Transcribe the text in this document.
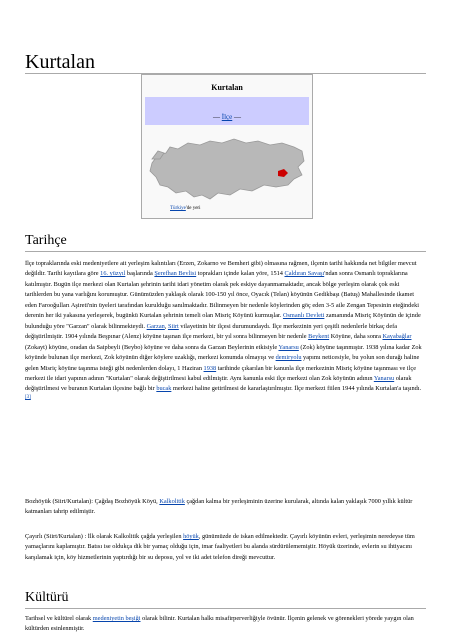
Kurtalan
Kurtalan
— İlçe —
Türkiye'de yeri
Tarihçe

İlçe topraklarında eski medeniyetlere ait yerleşim kalıntıları (Erzen, Zokarno ve Bemheri gibi) olmasına rağmen, ilçenin tarihi hakkında net bilgiler mevcut değildir. Tarihi kayıtlara göre 16. yüzyıl başlarında Şerefhan Bevlisi toprakları içinde kalan yöre, 1514 Çaldıran Savaşı'ndan sonra Osmanlı topraklarına katılmıştır. Bugün ilçe merkezi olan Kurtalan şehrinin tarihi idari yönetim olarak pek eskiye dayanmamaktadır, ancak bölge yerleşim olarak çok eski tarihlerden bu yana varlığını korumuştur. Günümüzden yaklaşık olarak 100-150 yıl önce, Oyacık (Telan) köyünün Gedikbaşı (Batuş) Mahallesinde ikamet eden Farooğulları Aşireti'nin üyeleri tarafından kurulduğu sanılmaktadır. Bilinmeyen bir nedenle köylerinden göç eden 3-5 aile Zengan Tepesinin eteğindeki derenin her iki yakasına yerleşerek, bugünkü Kurtalan şehrinin temeli olan Misriç Köyünü kurmuşlar. Osmanlı Devleti zamanında Misriç Köyünün de içinde bulunduğu yöre "Garzan" olarak bilinmekteydi. Garzan, Siirt vilayetinin bir ilçesi durumundaydı. İlçe merkezinin yeri çeşitli nedenlerle birkaç defa değiştirilmiştir. 1904 yılında Beşpınar (Alenz) köyüne taşınan ilçe merkezi, bir yıl sonra bilinmeyen bir nedenle Beykent Köyüne, daha sonra Kayabağlar (Zokayt) köyüne, oradan da Saipbeyli (Beybo) köyüne ve daha sonra da Garzan Beylerinin etkisiyle Yanarsu (Zok) köyüne taşınmıştır. 1938 yılına kadar Zok köyünde bulunan ilçe merkezi, Zok köyünün diğer köylere uzaklığı, merkezi konumda olmayışı ve demiryolu yapımı neticesiyle, bu yolun son durağı haline gelen Misriç köyüne taşınma isteği gibi nedenlerden dolayı, 1 Haziran 1938 tarihinde çıkarılan bir kanunla ilçe merkezinin Misriç köyüne taşınması ve ilçe merkezi ile idari yapının adının "Kurtalan" olarak değiştirilmesi kabul edilmiştir. Aynı kanunla eski ilçe merkezi olan Zok köyünün adının Yanarsu olarak değiştirilmesi ve buranın Kurtalan ilçesine bağlı bir bucak merkezi haline getirilmesi de kararlaştırılmıştır. İlçe merkezi fiilen 1944 yılında Kurtalan'a taşındı.[3]

Bozhöyük (Siirt/Kurtalan): Çağdaş Bozhöyük Köyü, Kalkolitik çağdan kalma bir yerleşiminin üzerine kurularak, altında kalan yaklaşık 7000 yıllık kültür katmanları tahrip edilmiştir.

Çayırlı (Siirt/Kurtalan) : İlk olarak Kalkolitik çağda yerleşilen höyük, günümüzde de iskan edilmektedir. Çayırlı köyünün evleri, yerleşimin neredeyse tüm yamaçlarını kaplamıştır. Batısı ise oldukça dik bir yamaç olduğu için, imar faaliyetleri bu alanda sürdürülememiştir. Höyük üzerinde, evlerin su ihtiyacını karşılamak için, köy hizmetlerinin yaptırdığı bir su deposu, yol ve iki adet telefon direği mevcuttur.

Kültürü

Tarihsel ve kültürel olarak medeniyetin beşiği olarak bilinir. Kurtalan halkı misafirperverliğiyle övünür. İlçenin gelenek ve görenekleri yörede yaygın olan kültürden esinlenmiştir.
